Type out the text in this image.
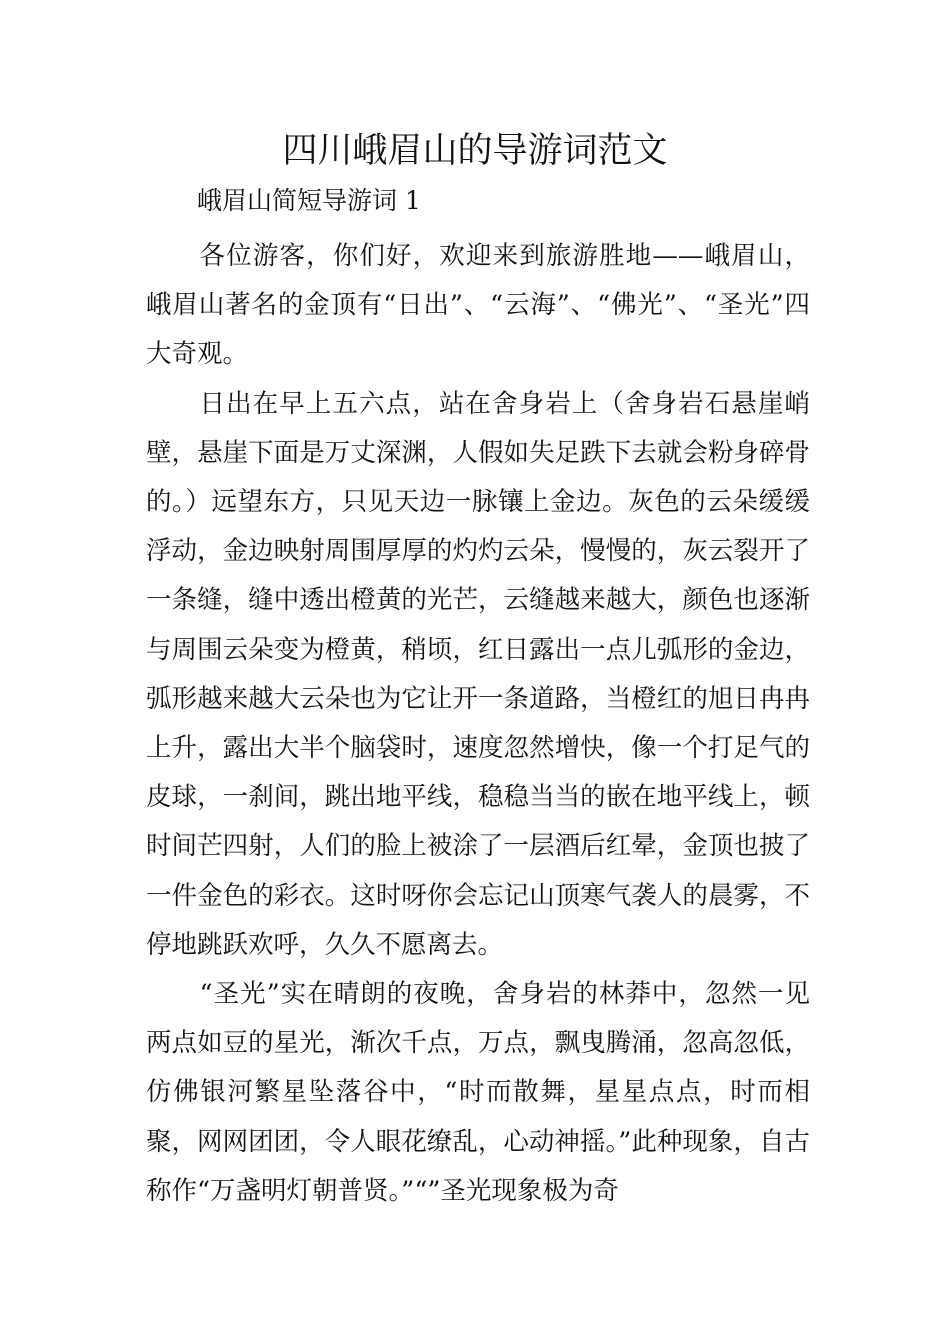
四川峨眉山的导游词范文
峨眉山简短导游词 1

各位游客，你们好，欢迎来到旅游胜地——峨眉山，峨眉山著名的金顶有“日出”、“云海”、“佛光”、“圣光”四大奇观。

日出在早上五六点，站在舍身岩上（舍身岩石悬崖峭壁，悬崖下面是万丈深渊，人假如失足跌下去就会粉身碎骨的。）远望东方，只见天边一脉镶上金边。灰色的云朵缓缓浮动，金边映射周围厚厚的灼灼云朵，慢慢的，灰云裂开了一条缝，缝中透出橙黄的光芒，云缝越来越大，颜色也逐渐与周围云朵变为橙黄，稍顷，红日露出一点儿弧形的金边，弧形越来越大云朵也为它让开一条道路，当橙红的旭日冉冉上升，露出大半个脑袋时，速度忽然增快，像一个打足气的皮球，一刹间，跳出地平线，稳稳当当的嵌在地平线上，顿时间芒四射，人们的脸上被涂了一层酒后红晕，金顶也披了一件金色的彩衣。这时呀你会忘记山顶寒气袭人的晨雾，不停地跳跃欢呼，久久不愿离去。

“圣光”实在晴朗的夜晚，舍身岩的林莽中，忽然一见两点如豆的星光，渐次千点，万点，飘曳腾涌，忽高忽低，仿佛银河繁星坠落谷中，“时而散舞，星星点点，时而相聚，网网团团，令人眼花缭乱，心动神摇。”此种现象，自古称作“万盏明灯朝普贤。”“”圣光现象极为奇
